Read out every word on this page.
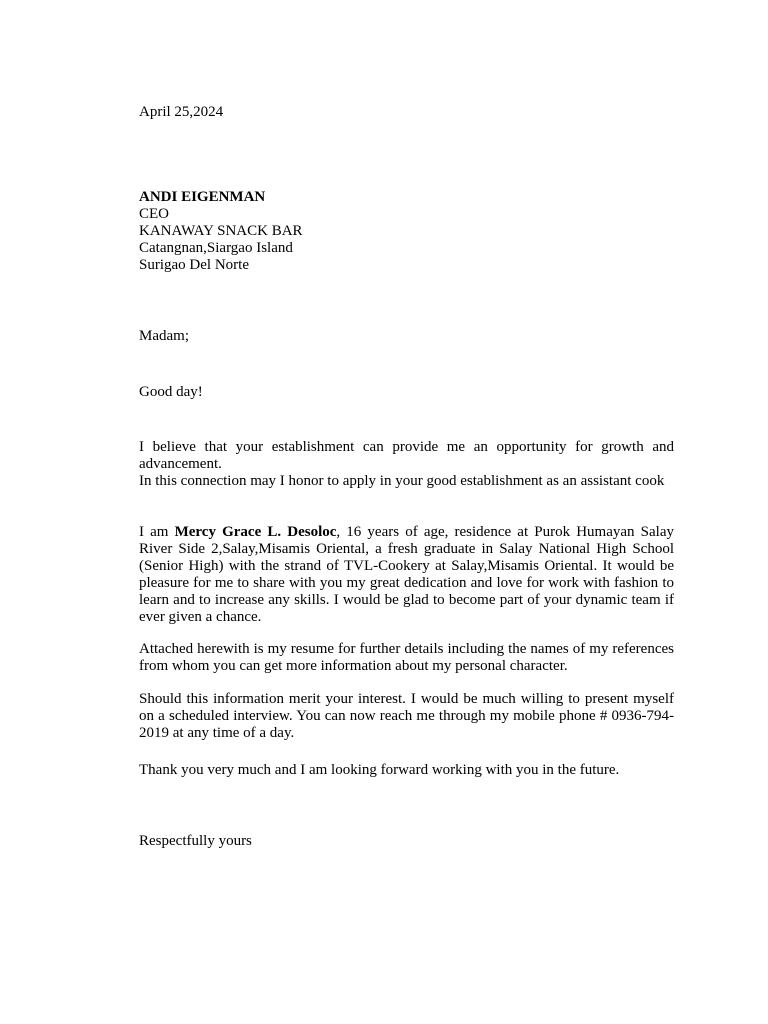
April 25,2024

ANDI EIGENMAN
CEO
KANAWAY SNACK BAR
Catangnan,Siargao Island
Surigao Del Norte

Madam;

Good day!

I believe that your establishment can provide me an opportunity for growth and advancement.
In this connection may I honor to apply in your good establishment as an assistant cook

I am Mercy Grace L. Desoloc, 16 years of age, residence at Purok Humayan Salay River Side 2,Salay,Misamis Oriental, a fresh graduate in Salay National High School (Senior High) with the strand of TVL-Cookery at Salay,Misamis Oriental. It would be pleasure for me to share with you my great dedication and love for work with fashion to learn and to increase any skills. I would be glad to become part of your dynamic team if ever given a chance.

Attached herewith is my resume for further details including the names of my references from whom you can get more information about my personal character.

Should this information merit your interest. I would be much willing to present myself on a scheduled interview. You can now reach me through my mobile phone # 0936-794-2019 at any time of a day.

Thank you very much and I am looking forward working with you in the future.

Respectfully yours
